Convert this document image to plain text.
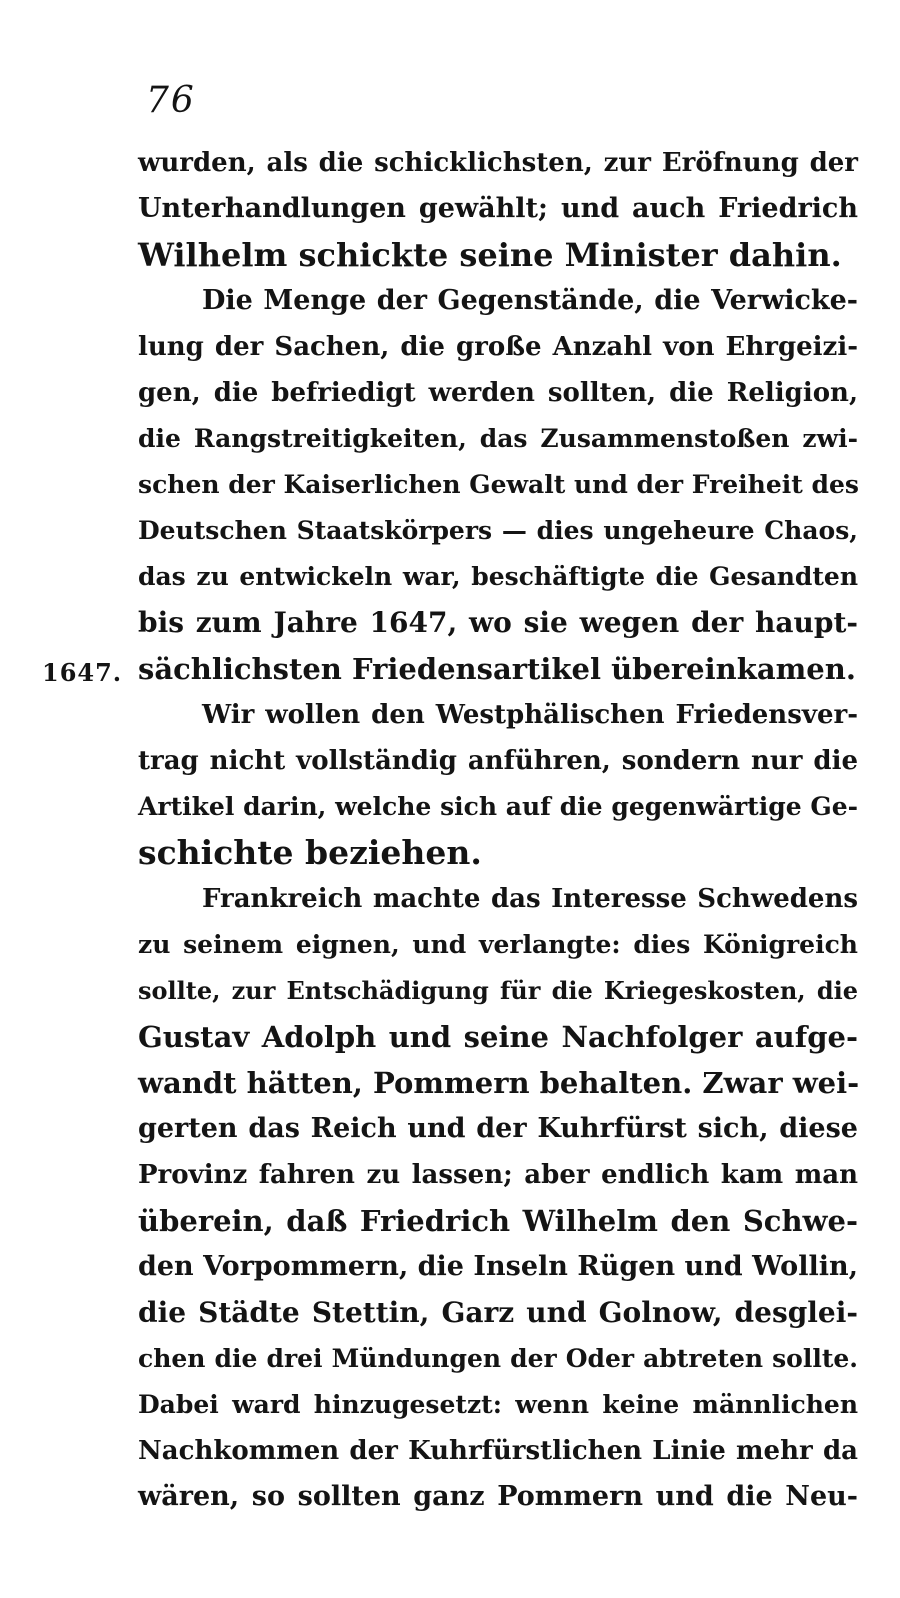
76
1647.
wurden, als die schicklichsten, zur Eröfnung der
Unterhandlungen gewählt; und auch Friedrich
Wilhelm schickte seine Minister dahin.
Die Menge der Gegenstände, die Verwicke-
lung der Sachen, die große Anzahl von Ehrgeizi-
gen, die befriedigt werden sollten, die Religion,
die Rangstreitigkeiten, das Zusammenstoßen zwi-
schen der Kaiserlichen Gewalt und der Freiheit des
Deutschen Staatskörpers — dies ungeheure Chaos,
das zu entwickeln war, beschäftigte die Gesandten
bis zum Jahre 1647, wo sie wegen der haupt-
sächlichsten Friedensartikel übereinkamen.
Wir wollen den Westphälischen Friedensver-
trag nicht vollständig anführen, sondern nur die
Artikel darin, welche sich auf die gegenwärtige Ge-
schichte beziehen.
Frankreich machte das Interesse Schwedens
zu seinem eignen, und verlangte: dies Königreich
sollte, zur Entschädigung für die Kriegeskosten, die
Gustav Adolph und seine Nachfolger aufge-
wandt hätten, Pommern behalten. Zwar wei-
gerten das Reich und der Kuhrfürst sich, diese
Provinz fahren zu lassen; aber endlich kam man
überein, daß Friedrich Wilhelm den Schwe-
den Vorpommern, die Inseln Rügen und Wollin,
die Städte Stettin, Garz und Golnow, desglei-
chen die drei Mündungen der Oder abtreten sollte.
Dabei ward hinzugesetzt: wenn keine männlichen
Nachkommen der Kuhrfürstlichen Linie mehr da
wären, so sollten ganz Pommern und die Neu-
